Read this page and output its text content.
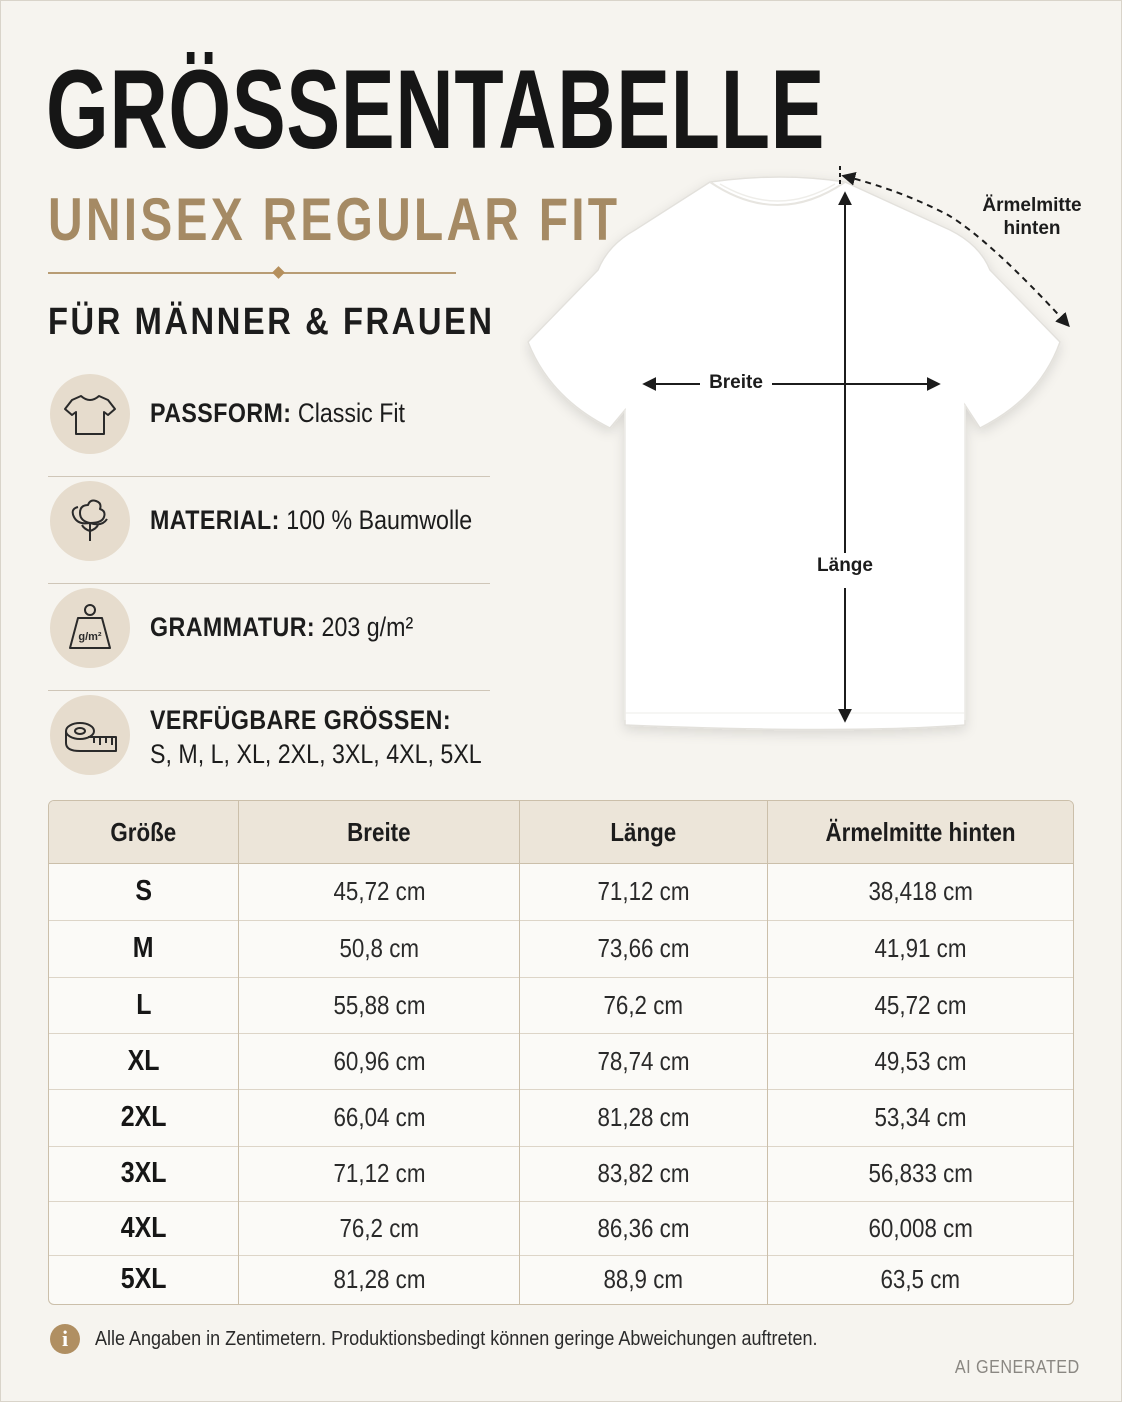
GRÖSSENTABELLE
UNISEX REGULAR FIT
FÜR MÄNNER & FRAUEN
PASSFORM: Classic Fit
MATERIAL: 100 % Baumwolle
g/m² GRAMMATUR: 203 g/m²
VERFÜGBARE GRÖSSEN:
S, M, L, XL, 2XL, 3XL, 4XL, 5XL
Breite
Länge
Ärmelmitte
hinten
Größe	Breite	Länge	Ärmelmitte hinten
S	45,72 cm	71,12 cm	38,418 cm
M	50,8 cm	73,66 cm	41,91 cm
L	55,88 cm	76,2 cm	45,72 cm
XL	60,96 cm	78,74 cm	49,53 cm
2XL	66,04 cm	81,28 cm	53,34 cm
3XL	71,12 cm	83,82 cm	56,833 cm
4XL	76,2 cm	86,36 cm	60,008 cm
5XL	81,28 cm	88,9 cm	63,5 cm
i	Alle Angaben in Zentimetern. Produktionsbedingt können geringe Abweichungen auftreten.
AI GENERATED
